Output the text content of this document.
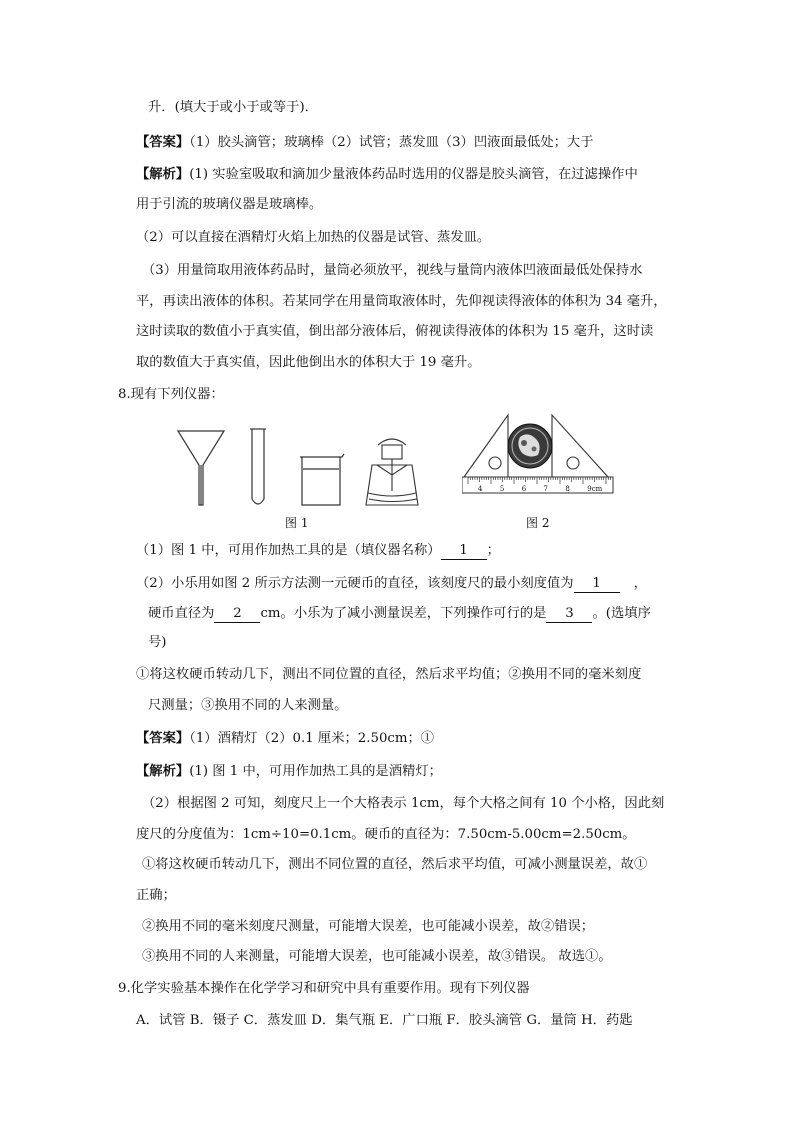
升．(填大于或小于或等于)．
【答案】（1）胶头滴管；玻璃棒（2）试管；蒸发皿（3）凹液面最低处；大于
【解析】(1) 实验室吸取和滴加少量液体药品时选用的仪器是胶头滴管，在过滤操作中
用于引流的玻璃仪器是玻璃棒。
（2）可以直接在酒精灯火焰上加热的仪器是试管、蒸发皿。
（3）用量筒取用液体药品时，量筒必须放平，视线与量筒内液体凹液面最低处保持水
平，再读出液体的体积。若某同学在用量筒取液体时，先仰视读得液体的体积为 34 毫升，
这时读取的数值小于真实值，倒出部分液体后，俯视读得液体的体积为 15 毫升，这时读
取的数值大于真实值，因此他倒出水的体积大于 19 毫升。
8.现有下列仪器：
图 1
4 5 6 7 8 9cm
图 2
（1）图 1 中，可用作加热工具的是（填仪器名称） 1 ；
（2）小乐用如图 2 所示方法测一元硬币的直径，该刻度尺的最小刻度值为 1 ，
硬币直径为 2 cm。小乐为了减小测量误差，下列操作可行的是 3 。(选填序
号)
①将这枚硬币转动几下，测出不同位置的直径，然后求平均值；②换用不同的毫米刻度
尺测量；③换用不同的人来测量。
【答案】（1）酒精灯（2）0.1 厘米；2.50cm；①
【解析】(1) 图 1 中，可用作加热工具的是酒精灯；
（2）根据图 2 可知，刻度尺上一个大格表示 1cm，每个大格之间有 10 个小格，因此刻
度尺的分度值为：1cm÷10=0.1cm。硬币的直径为：7.50cm-5.00cm=2.50cm。
①将这枚硬币转动几下，测出不同位置的直径，然后求平均值，可减小测量误差，故①
正确；
②换用不同的毫米刻度尺测量，可能增大误差，也可能减小误差，故②错误；
③换用不同的人来测量，可能增大误差，也可能减小误差，故③错误。 故选①。
9.化学实验基本操作在化学学习和研究中具有重要作用。现有下列仪器
A．试管 B．镊子 C．蒸发皿 D．集气瓶 E．广口瓶 F．胶头滴管 G．量筒 H．药匙
